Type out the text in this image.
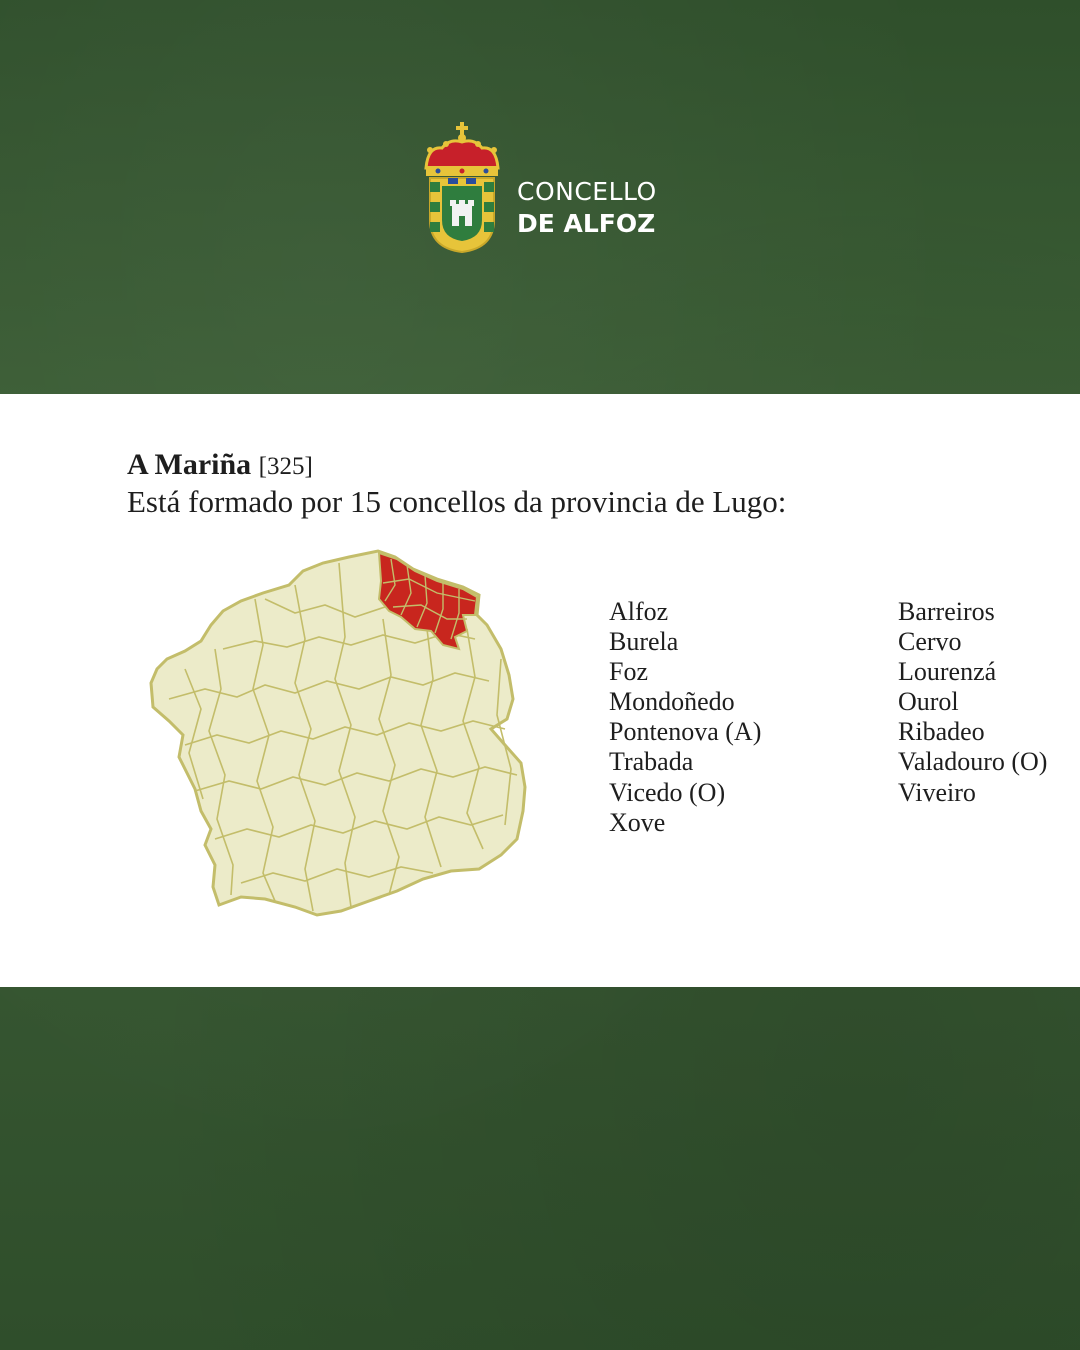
CONCELLO
DE ALFOZ
A Mariña [325]
Está formado por 15 concellos da provincia de Lugo:
Alfoz
Burela
Foz
Mondoñedo
Pontenova (A)
Trabada
Vicedo (O)
Xove
Barreiros
Cervo
Lourenzá
Ourol
Ribadeo
Valadouro (O)
Viveiro
